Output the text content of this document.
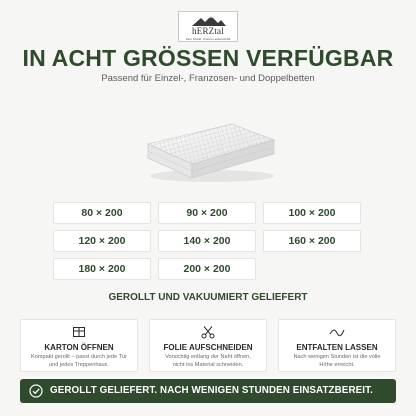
hERZtal
Dein Schlaf. Unsere Leidenschaft
IN ACHT GRÖSSEN VERFÜGBAR
Passend für Einzel-, Franzosen- und Doppelbetten
80 × 200	90 × 200	100 × 200
120 × 200	140 × 200	160 × 200
180 × 200	200 × 200
GEROLLT UND VAKUUMIERT GELIEFERT
KARTON ÖFFNEN
Kompakt gerollt – passt durch jede Tür
und jedes Treppenhaus.
FOLIE AUFSCHNEIDEN
Vorsichtig entlang der Naht öffnen,
nicht ins Material schneiden.
ENTFALTEN LASSEN
Nach wenigen Stunden ist die volle
Höhe erreicht.
GEROLLT GELIEFERT. NACH WENIGEN STUNDEN EINSATZBEREIT.
